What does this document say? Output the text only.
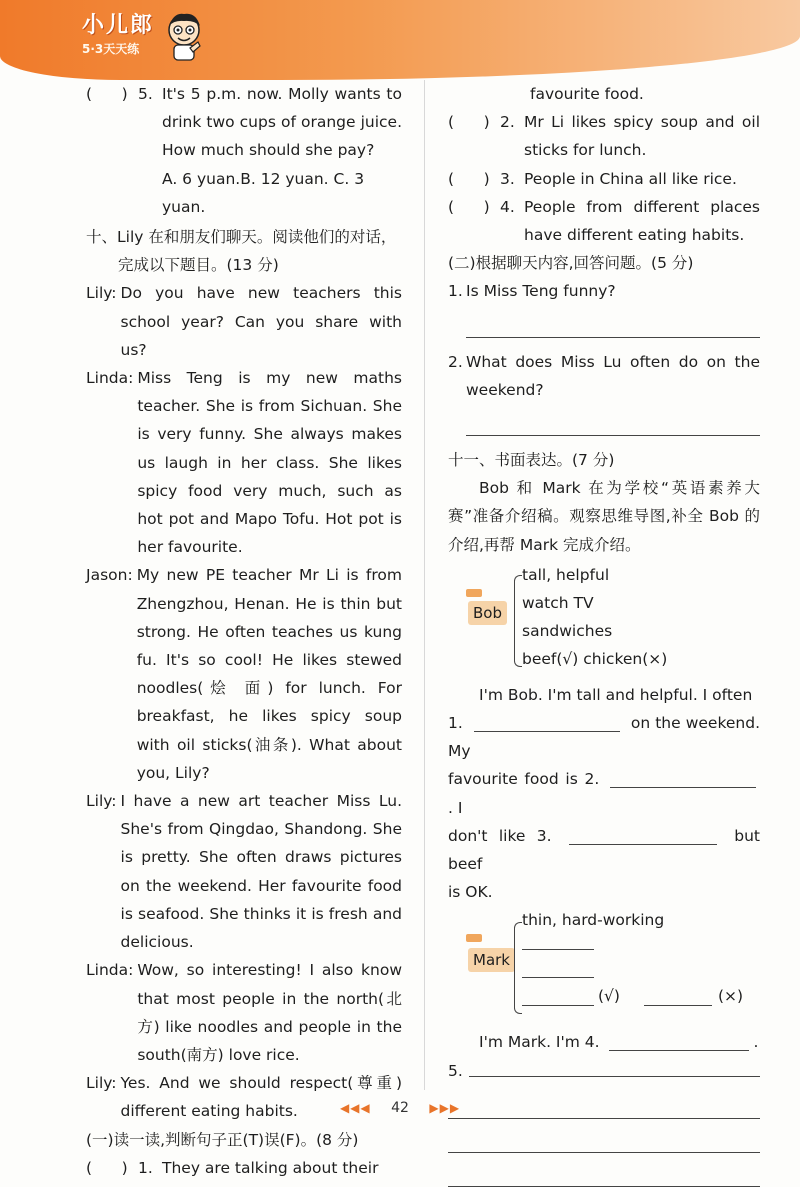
小儿郎
5·3天天练
(      ) 5. It's 5 p.m. now. Molly wants to drink two cups of orange juice. How much should she pay?
A. 6 yuan.B. 12 yuan. C. 3 yuan.
十、Lily 在和朋友们聊天。阅读他们的对话，完成以下题目。(13 分)
Lily: Do you have new teachers this school year? Can you share with us?
Linda: Miss Teng is my new maths teacher. She is from Sichuan. She is very funny. She always makes us laugh in her class. She likes spicy food very much, such as hot pot and Mapo Tofu. Hot pot is her favourite.
Jason: My new PE teacher Mr Li is from Zhengzhou, Henan. He is thin but strong. He often teaches us kung fu. It's so cool! He likes stewed noodles(烩 面) for lunch. For breakfast, he likes spicy soup with oil sticks(油条). What about you, Lily?
Lily: I have a new art teacher Miss Lu. She's from Qingdao, Shandong. She is pretty. She often draws pictures on the weekend. Her favourite food is seafood. She thinks it is fresh and delicious.
Linda: Wow, so interesting! I also know that most people in the north(北方) like noodles and people in the south(南方) love rice.
Lily: Yes. And we should respect(尊重) different eating habits.
(一)读一读,判断句子正(T)误(F)。(8 分)
(      ) 1. They are talking about their
favourite food.
(      ) 2. Mr Li likes spicy soup and oil sticks for lunch.
(      ) 3. People in China all like rice.
(      ) 4. People from different places have different eating habits.
(二)根据聊天内容,回答问题。(5 分)
1. Is Miss Teng funny?
2. What does Miss Lu often do on the weekend?
十一、书面表达。(7 分)
Bob 和 Mark 在为学校“英语素养大赛”准备介绍稿。观察思维导图,补全 Bob 的介绍,再帮 Mark 完成介绍。
Bob
tall, helpful
watch TV
sandwiches
beef(√) chicken(×)
I'm Bob. I'm tall and helpful. I often
1.	on the weekend. My
favourite food is 2.  . I
don't like 3.	but beef
is OK.
Mark
thin, hard-working
(√)	(×)
I'm Mark. I'm 4.	.
5.
◀◀◀ 42 ▶▶▶
